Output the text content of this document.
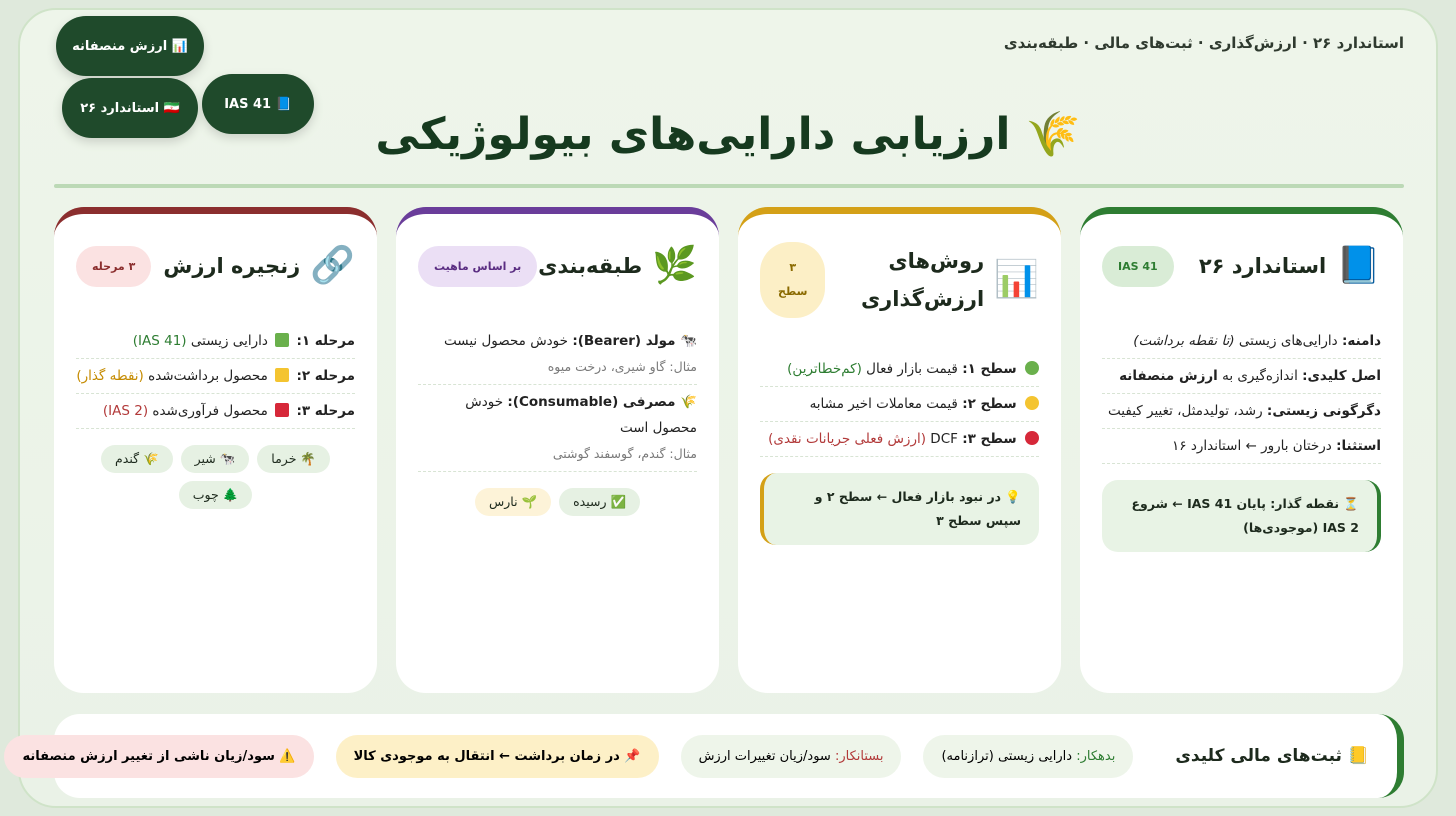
استاندارد ۲۶ · ارزش‌گذاری · ثبت‌های مالی · طبقه‌بندی
📊 ارزش منصفانه
📘 IAS 41
🇮🇷 استاندارد ۲۶
🌾 ارزیابی دارایی‌های بیولوژیکی
📘
استاندارد ۲۶
IAS 41
دامنه: دارایی‌های زیستی (تا نقطه برداشت)
اصل کلیدی: اندازه‌گیری به ارزش منصفانه
دگرگونی زیستی: رشد، تولیدمثل، تغییر کیفیت
استثنا: درختان بارور ← استاندارد ۱۶
⏳ نقطه گذار: پایان IAS 41 ← شروع IAS 2 (موجودی‌ها)
📊
روش‌های ارزش‌گذاری
۳
سطح
سطح ۱: قیمت بازار فعال (کم‌خطاترین)
سطح ۲: قیمت معاملات اخیر مشابه
سطح ۳: DCF (ارزش فعلی جریانات نقدی)
💡 در نبود بازار فعال ← سطح ۲ و سپس سطح ۳
🌿
طبقه‌بندی
بر اساس ماهیت
🐄 مولد (Bearer): خودش محصول نیست
مثال: گاو شیری، درخت میوه
🌾 مصرفی (Consumable): خودش محصول است
مثال: گندم، گوسفند گوشتی
✅ رسیده
🌱 نارس
🔗
زنجیره ارزش
۳ مرحله
مرحله ۱:  دارایی زیستی (IAS 41)
مرحله ۲:  محصول برداشت‌شده (نقطه گذار)
مرحله ۳:  محصول فرآوری‌شده (IAS 2)
🌴 خرما
🐄 شیر
🌾 گندم
🌲 چوب
📒 ثبت‌های مالی کلیدی
بدهکار: دارایی زیستی (ترازنامه)
بستانکار: سود/زیان تغییرات ارزش
📌 در زمان برداشت ← انتقال به موجودی کالا
⚠️ سود/زیان ناشی از تغییر ارزش منصفانه
